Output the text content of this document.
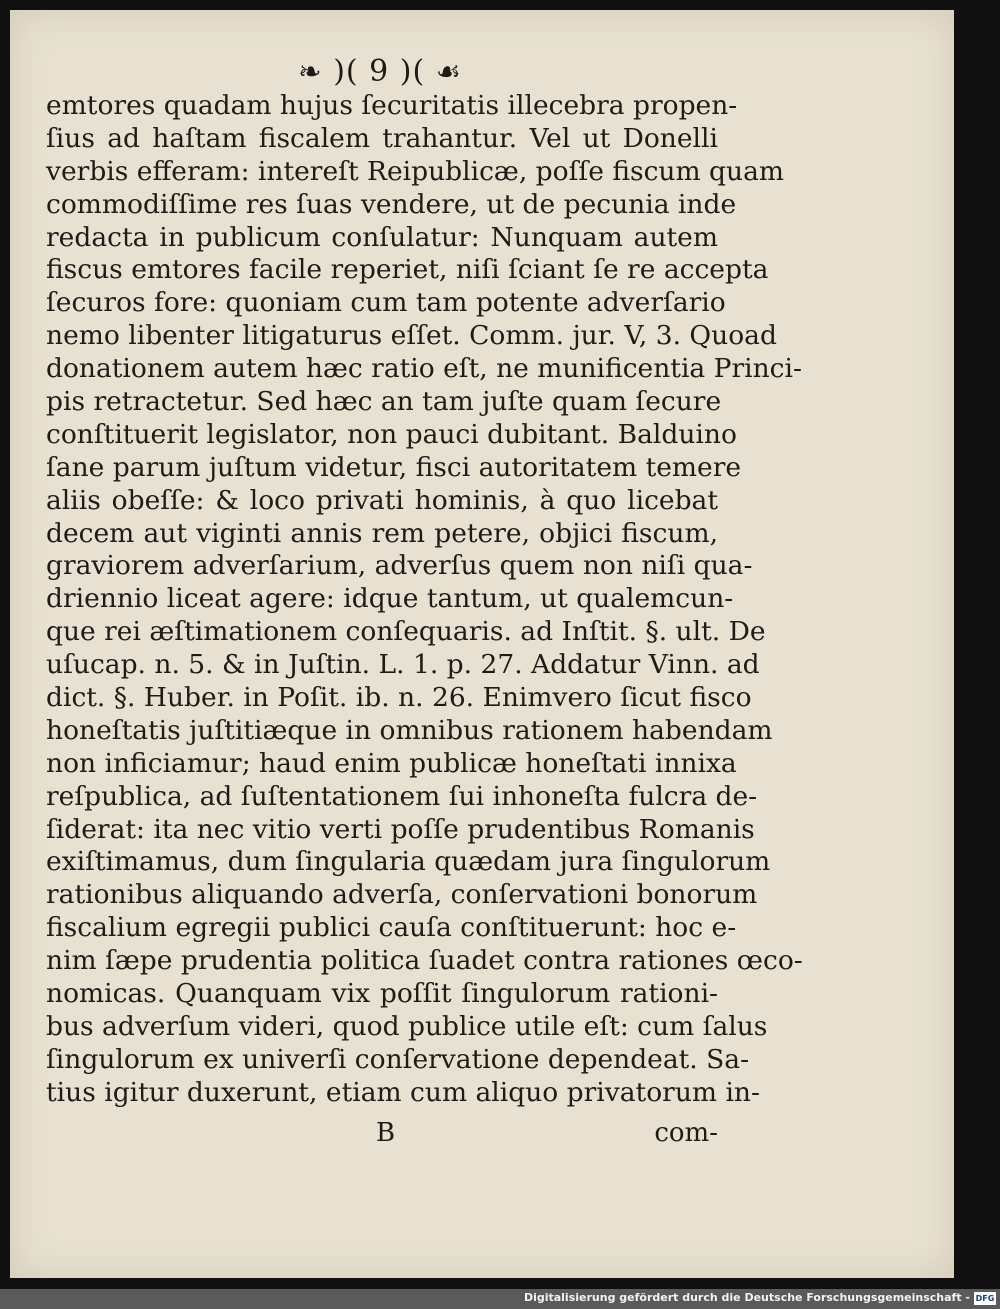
❧ )( 9 )( ☙
emtores quadam hujus ſecuritatis illecebra propen-
ſius ad haſtam fiscalem trahantur. Vel ut Donelli
verbis efferam: intereſt Reipublicæ, poſſe fiscum quam
commodiſſime res ſuas vendere, ut de pecunia inde
redacta in publicum conſulatur: Nunquam autem
fiscus emtores facile reperiet, niſi ſciant ſe re accepta
ſecuros fore: quoniam cum tam potente adverſario
nemo libenter litigaturus eſſet. Comm. jur. V, 3. Quoad
donationem autem hæc ratio eſt, ne munificentia Princi-
pis retractetur. Sed hæc an tam juſte quam ſecure
conſtituerit legislator, non pauci dubitant. Balduino
ſane parum juſtum videtur, fisci autoritatem temere
aliis obeſſe: & loco privati hominis, à quo licebat
decem aut viginti annis rem petere, objici fiscum,
graviorem adverſarium, adverſus quem non niſi qua-
driennio liceat agere: idque tantum, ut qualemcun-
que rei æſtimationem conſequaris. ad Inſtit. §. ult. De
uſucap. n. 5. & in Juſtin. L. 1. p. 27. Addatur Vinn. ad
dict. §. Huber. in Poſit. ib. n. 26. Enimvero ſicut fisco
honeſtatis juſtitiæque in omnibus rationem habendam
non inficiamur; haud enim publicæ honeſtati innixa
reſpublica, ad ſuſtentationem ſui inhoneſta fulcra de-
ſiderat: ita nec vitio verti poſſe prudentibus Romanis
exiſtimamus, dum ſingularia quædam jura ſingulorum
rationibus aliquando adverſa, conſervationi bonorum
fiscalium egregii publici cauſa conſtituerunt: hoc e-
nim ſæpe prudentia politica ſuadet contra rationes œco-
nomicas. Quanquam vix poſſit ſingulorum rationi-
bus adverſum videri, quod publice utile eſt: cum ſalus
ſingulorum ex univerſi conſervatione dependeat. Sa-
tius igitur duxerunt, etiam cum aliquo privatorum in-
B	com-
Digitalisierung gefördert durch die Deutsche Forschungsgemeinschaft - DFG
